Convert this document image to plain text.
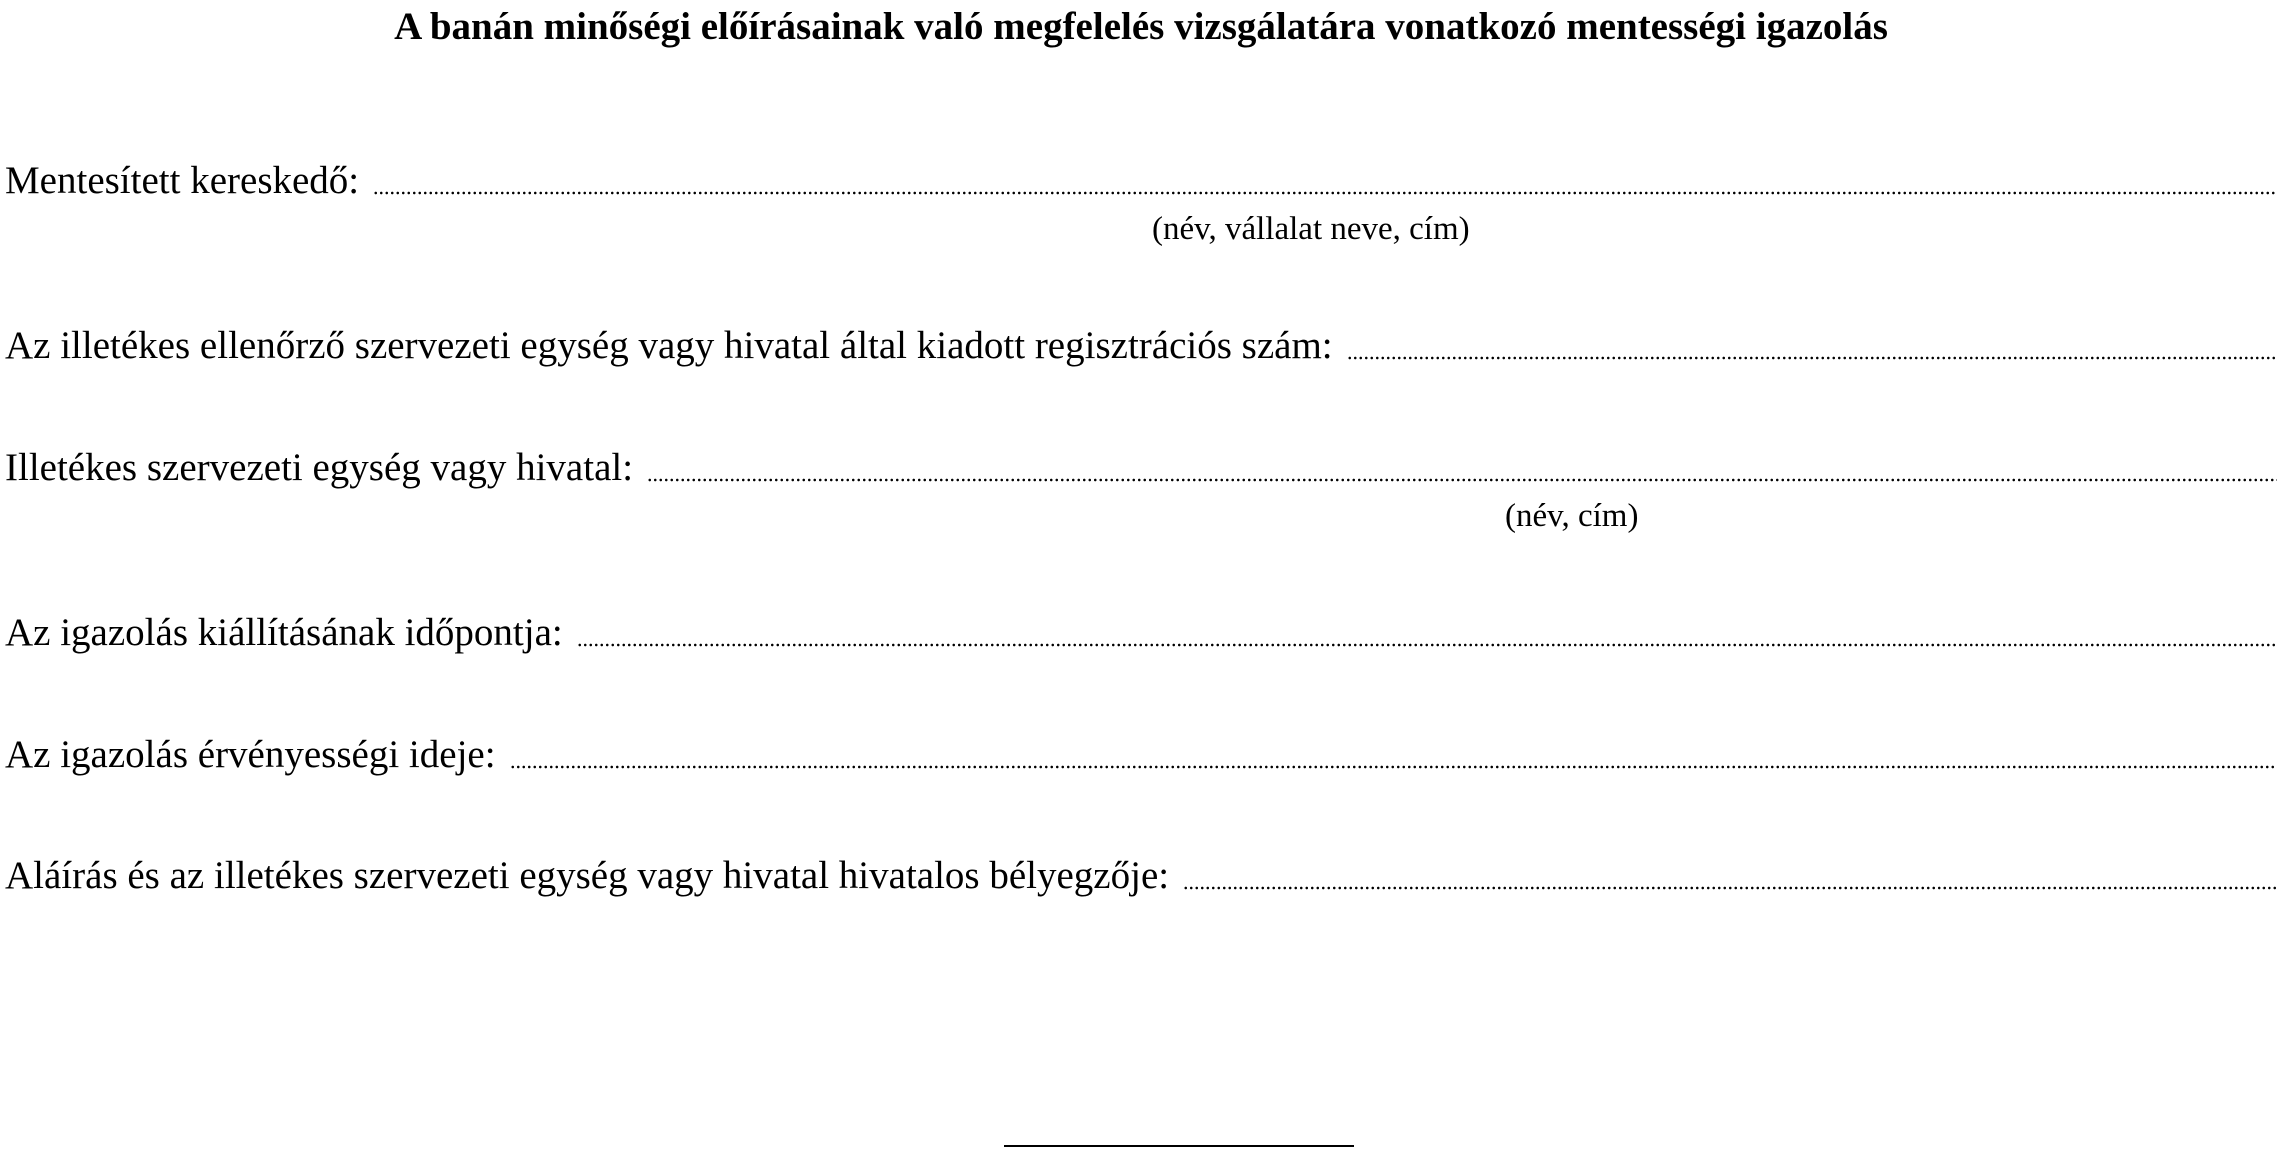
A banán minőségi előírásainak való megfelelés vizsgálatára vonatkozó mentességi igazolás
Mentesített kereskedő:
(név, vállalat neve, cím)
Az illetékes ellenőrző szervezeti egység vagy hivatal által kiadott regisztrációs szám:
Illetékes szervezeti egység vagy hivatal:
(név, cím)
Az igazolás kiállításának időpontja:
Az igazolás érvényességi ideje:
Aláírás és az illetékes szervezeti egység vagy hivatal hivatalos bélyegzője:
